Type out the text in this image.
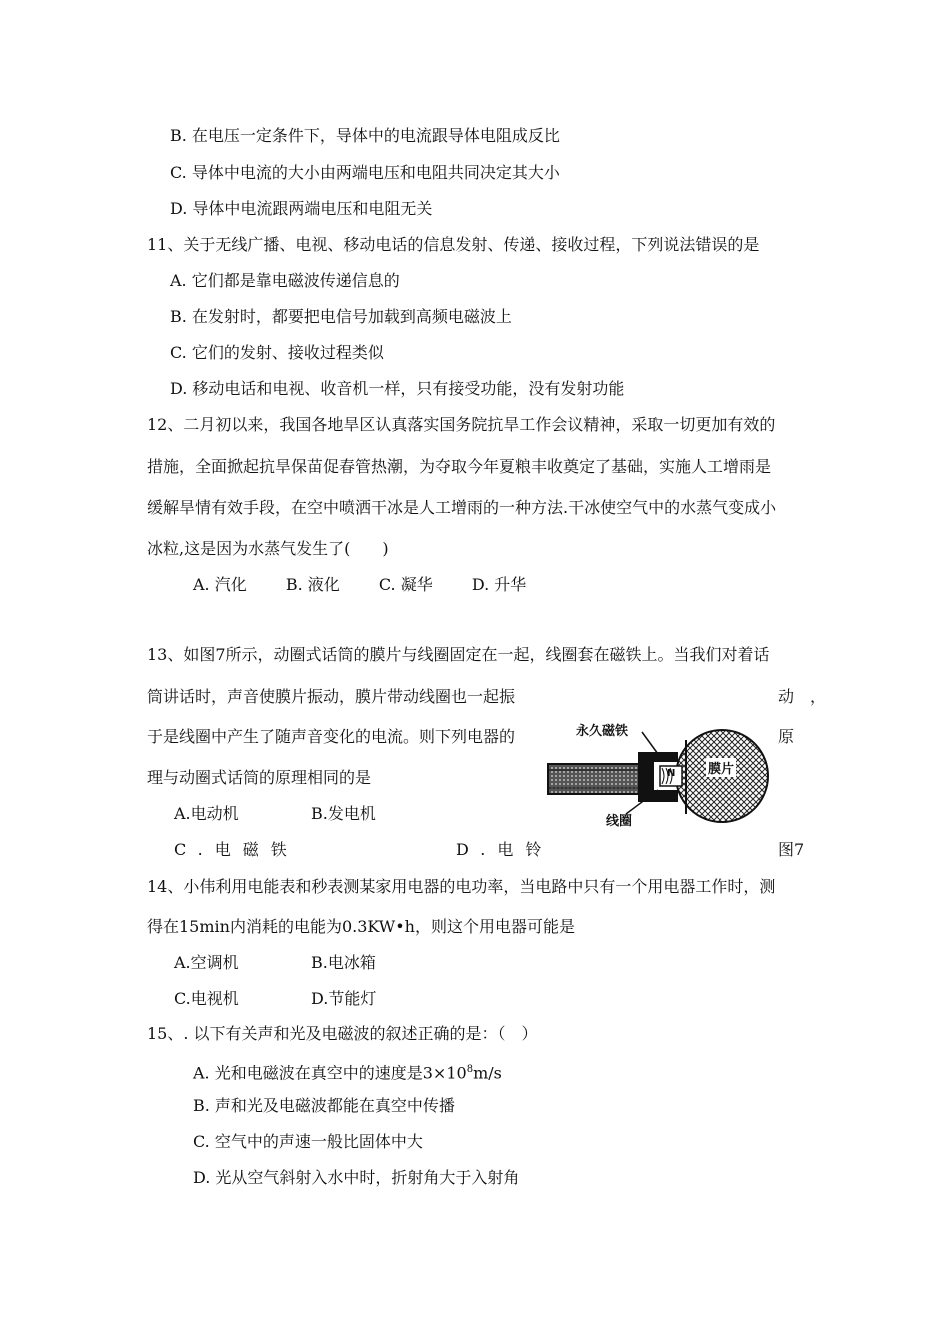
B. 在电压一定条件下，导体中的电流跟导体电阻成反比
C. 导体中电流的大小由两端电压和电阻共同决定其大小
D. 导体中电流跟两端电压和电阻无关
11、关于无线广播、电视、移动电话的信息发射、传递、接收过程，下列说法错误的是
A. 它们都是靠电磁波传递信息的
B. 在发射时，都要把电信号加载到高频电磁波上
C. 它们的发射、接收过程类似
D. 移动电话和电视、收音机一样，只有接受功能，没有发射功能
12、二月初以来，我国各地旱区认真落实国务院抗旱工作会议精神，采取一切更加有效的
措施，全面掀起抗旱保苗促春管热潮，为夺取今年夏粮丰收奠定了基础，实施人工增雨是
缓解旱情有效手段，在空中喷洒干冰是人工增雨的一种方法.干冰使空气中的水蒸气变成小
冰粒,这是因为水蒸气发生了(　　)
A. 汽化 B. 液化 C. 凝华 D. 升华
13、如图7所示，动圈式话筒的膜片与线圈固定在一起，线圈套在磁铁上。当我们对着话
筒讲话时，声音使膜片振动，膜片带动线圈也一起振	动　，
于是线圈中产生了随声音变化的电流。则下列电器的	原
理与动圈式话筒的原理相同的是
A.电动机	B.发电机
C.电磁铁	D.电铃	图7
永久磁铁
膜片
线圈
N
14、小伟利用电能表和秒表测某家用电器的电功率，当电路中只有一个用电器工作时，测
得在15min内消耗的电能为0.3KW•h，则这个用电器可能是
A.空调机	B.电冰箱
C.电视机	D.节能灯
15、. 以下有关声和光及电磁波的叙述正确的是：（　）
A. 光和电磁波在真空中的速度是$3\times 10^8m/s$
B. 声和光及电磁波都能在真空中传播
C. 空气中的声速一般比固体中大
D. 光从空气斜射入水中时，折射角大于入射角
